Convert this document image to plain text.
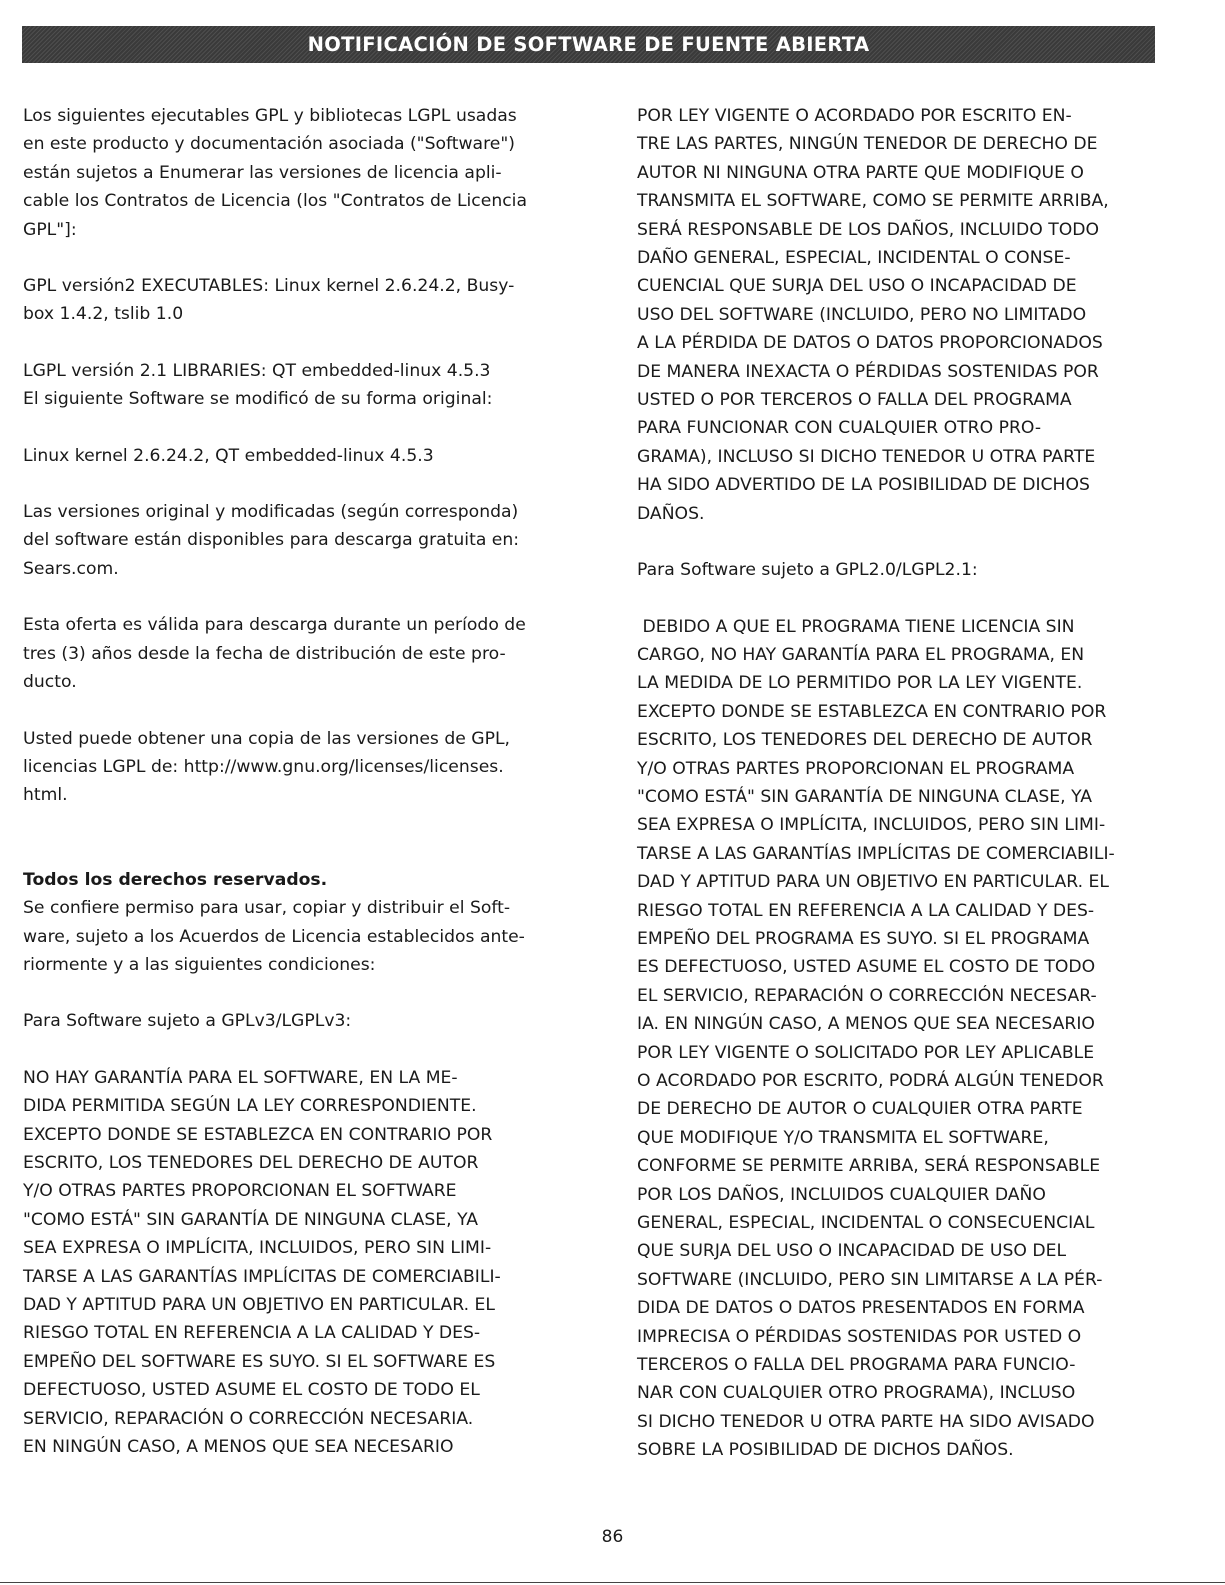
NOTIFICACIÓN DE SOFTWARE DE FUENTE ABIERTA

Los siguientes ejecutables GPL y bibliotecas LGPL usadas

en este producto y documentación asociada ("Software")

están sujetos a Enumerar las versiones de licencia apli-

cable los Contratos de Licencia (los "Contratos de Licencia

GPL"]:

GPL versión2 EXECUTABLES: Linux kernel 2.6.24.2, Busy-

box 1.4.2, tslib 1.0

LGPL versión 2.1 LIBRARIES: QT embedded-linux 4.5.3

El siguiente Software se modificó de su forma original:

Linux kernel 2.6.24.2, QT embedded-linux 4.5.3

Las versiones original y modificadas (según corresponda)

del software están disponibles para descarga gratuita en:

Sears.com.

Esta oferta es válida para descarga durante un período de

tres (3) años desde la fecha de distribución de este pro-

ducto.

Usted puede obtener una copia de las versiones de GPL,

licencias LGPL de: http://www.gnu.org/licenses/licenses.

html.

Todos los derechos reservados.

Se confiere permiso para usar, copiar y distribuir el Soft-

ware, sujeto a los Acuerdos de Licencia establecidos ante-

riormente y a las siguientes condiciones:

Para Software sujeto a GPLv3/LGPLv3:

NO HAY GARANTÍA PARA EL SOFTWARE, EN LA ME-

DIDA PERMITIDA SEGÚN LA LEY CORRESPONDIENTE.

EXCEPTO DONDE SE ESTABLEZCA EN CONTRARIO POR

ESCRITO, LOS TENEDORES DEL DERECHO DE AUTOR

Y/O OTRAS PARTES PROPORCIONAN EL SOFTWARE

"COMO ESTÁ" SIN GARANTÍA DE NINGUNA CLASE, YA

SEA EXPRESA O IMPLÍCITA, INCLUIDOS, PERO SIN LIMI-

TARSE A LAS GARANTÍAS IMPLÍCITAS DE COMERCIABILI-

DAD Y APTITUD PARA UN OBJETIVO EN PARTICULAR. EL

RIESGO TOTAL EN REFERENCIA A LA CALIDAD Y DES-

EMPEÑO DEL SOFTWARE ES SUYO. SI EL SOFTWARE ES

DEFECTUOSO, USTED ASUME EL COSTO DE TODO EL

SERVICIO, REPARACIÓN O CORRECCIÓN NECESARIA.

EN NINGÚN CASO, A MENOS QUE SEA NECESARIO

POR LEY VIGENTE O ACORDADO POR ESCRITO EN-

TRE LAS PARTES, NINGÚN TENEDOR DE DERECHO DE

AUTOR NI NINGUNA OTRA PARTE QUE MODIFIQUE O

TRANSMITA EL SOFTWARE, COMO SE PERMITE ARRIBA,

SERÁ RESPONSABLE DE LOS DAÑOS, INCLUIDO TODO

DAÑO GENERAL, ESPECIAL, INCIDENTAL O CONSE-

CUENCIAL QUE SURJA DEL USO O INCAPACIDAD DE

USO DEL SOFTWARE (INCLUIDO, PERO NO LIMITADO

A LA PÉRDIDA DE DATOS O DATOS PROPORCIONADOS

DE MANERA INEXACTA O PÉRDIDAS SOSTENIDAS POR

USTED O POR TERCEROS O FALLA DEL PROGRAMA

PARA FUNCIONAR CON CUALQUIER OTRO PRO-

GRAMA), INCLUSO SI DICHO TENEDOR U OTRA PARTE

HA SIDO ADVERTIDO DE LA POSIBILIDAD DE DICHOS

DAÑOS.

Para Software sujeto a GPL2.0/LGPL2.1:

DEBIDO A QUE EL PROGRAMA TIENE LICENCIA SIN

CARGO, NO HAY GARANTÍA PARA EL PROGRAMA, EN

LA MEDIDA DE LO PERMITIDO POR LA LEY VIGENTE.

EXCEPTO DONDE SE ESTABLEZCA EN CONTRARIO POR

ESCRITO, LOS TENEDORES DEL DERECHO DE AUTOR

Y/O OTRAS PARTES PROPORCIONAN EL PROGRAMA

"COMO ESTÁ" SIN GARANTÍA DE NINGUNA CLASE, YA

SEA EXPRESA O IMPLÍCITA, INCLUIDOS, PERO SIN LIMI-

TARSE A LAS GARANTÍAS IMPLÍCITAS DE COMERCIABILI-

DAD Y APTITUD PARA UN OBJETIVO EN PARTICULAR. EL

RIESGO TOTAL EN REFERENCIA A LA CALIDAD Y DES-

EMPEÑO DEL PROGRAMA ES SUYO. SI EL PROGRAMA

ES DEFECTUOSO, USTED ASUME EL COSTO DE TODO

EL SERVICIO, REPARACIÓN O CORRECCIÓN NECESAR-

IA. EN NINGÚN CASO, A MENOS QUE SEA NECESARIO

POR LEY VIGENTE O SOLICITADO POR LEY APLICABLE

O ACORDADO POR ESCRITO, PODRÁ ALGÚN TENEDOR

DE DERECHO DE AUTOR O CUALQUIER OTRA PARTE

QUE MODIFIQUE Y/O TRANSMITA EL SOFTWARE,

CONFORME SE PERMITE ARRIBA, SERÁ RESPONSABLE

POR LOS DAÑOS, INCLUIDOS CUALQUIER DAÑO

GENERAL, ESPECIAL, INCIDENTAL O CONSECUENCIAL

QUE SURJA DEL USO O INCAPACIDAD DE USO DEL

SOFTWARE (INCLUIDO, PERO SIN LIMITARSE A LA PÉR-

DIDA DE DATOS O DATOS PRESENTADOS EN FORMA

IMPRECISA O PÉRDIDAS SOSTENIDAS POR USTED O

TERCEROS O FALLA DEL PROGRAMA PARA FUNCIO-

NAR CON CUALQUIER OTRO PROGRAMA), INCLUSO

SI DICHO TENEDOR U OTRA PARTE HA SIDO AVISADO

SOBRE LA POSIBILIDAD DE DICHOS DAÑOS.

86
